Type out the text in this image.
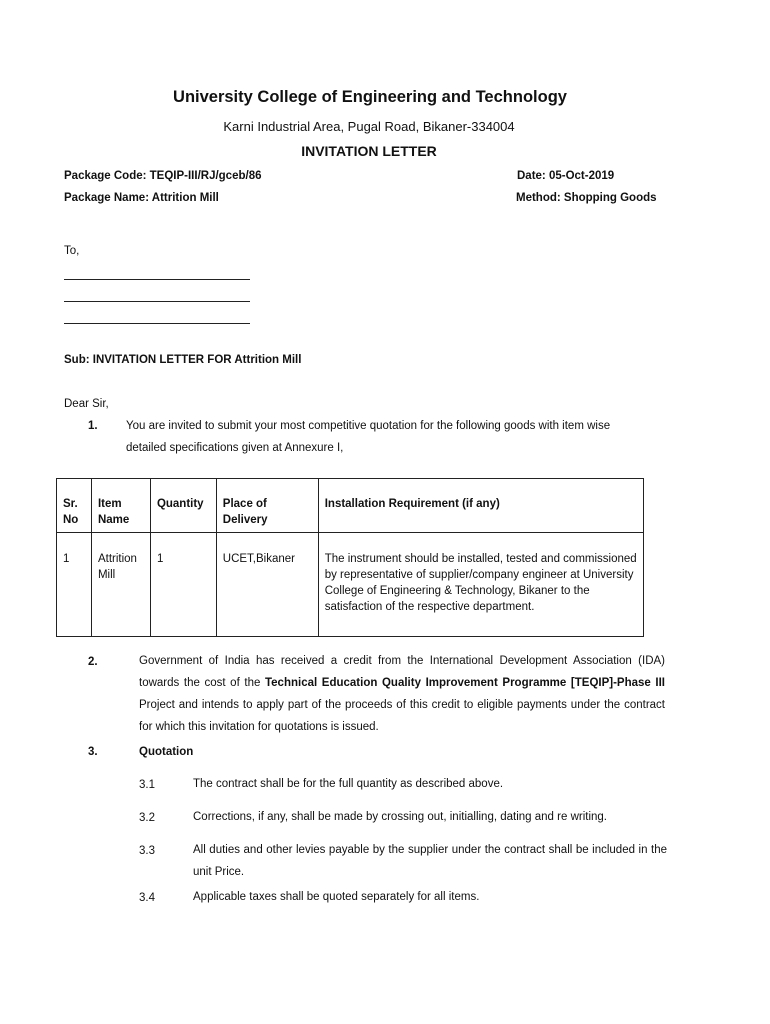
University College of Engineering and Technology
Karni Industrial Area, Pugal Road, Bikaner-334004
INVITATION LETTER
Package Code: TEQIP-III/RJ/gceb/86	Date: 05-Oct-2019
Package Name: Attrition Mill	Method: Shopping Goods
To,
Sub: INVITATION LETTER FOR Attrition Mill
Dear Sir,
1. You are invited to submit your most competitive quotation for the following goods with item wise
detailed specifications given at Annexure I,
Sr. No	Item Name	Quantity	Place of Delivery	Installation Requirement (if any)
1	Attrition Mill	1	UCET,Bikaner	The instrument should be installed, tested and commissioned by representative of supplier/company engineer at University College of Engineering & Technology, Bikaner to the satisfaction of the respective department.
2.	Government of India has received a credit from the International Development Association (IDA) towards the cost of the Technical Education Quality Improvement Programme [TEQIP]-Phase III Project and intends to apply part of the proceeds of this credit to eligible payments under the contract for which this invitation for quotations is issued.
3.	Quotation
3.1	The contract shall be for the full quantity as described above.
3.2	Corrections, if any, shall be made by crossing out, initialling, dating and re writing.
3.3	All duties and other levies payable by the supplier under the contract shall be included in the unit Price.
3.4	Applicable taxes shall be quoted separately for all items.
